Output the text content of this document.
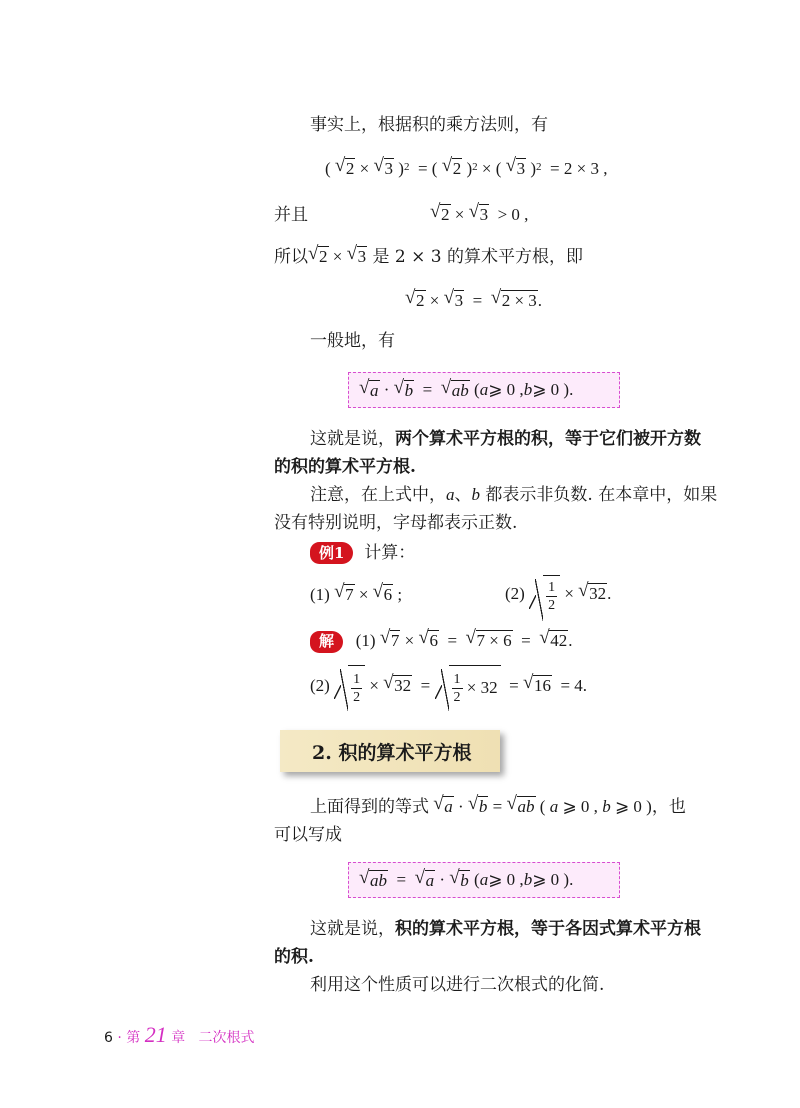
事实上，根据积的乘方法则，有
( √ 2 × √ 3 )$^2$  = ( √ 2 )$^2$ × ( √ 3 )$^2$  = 2 × 3 ,
并且	√ 2 × √ 3  > 0 ,
所以 √ 2 × √ 3 是 2 × 3 的算术平方根，即
√ 2 × √ 3  =  √ 2 × 3.
一般地，有
√ a · √ b = √ ab ( a ⩾ 0 , b ⩾ 0 ).
这就是说，两个算术平方根的积，等于它们被开方数
的积的算术平方根.
注意，在上式中，a、b 都表示非负数. 在本章中，如果
没有特别说明，字母都表示正数.
例1 计算：
(1) √ 7 × √ 6 ;	$(2) \frac{1}{2}$ × √ 32.
解   (1) √ 7 × √ 6  =  √ 7 × 6  =  √ 42.
$(2) \frac{1}{2}$ × √ $32 = \frac{1}{2} \times 32$  = √ 16  = 4.
2. 积的算术平方根
上面得到的等式 √ a · √ b = √ ab ( a ⩾ 0 , b ⩾ 0 )，也
可以写成
√ ab = √ a · √ b ( a ⩾ 0 , b ⩾ 0 ).
这就是说，积的算术平方根，等于各因式算术平方根
的积.
利用这个性质可以进行二次根式的化简.
6 · 第 21 章 二次根式
